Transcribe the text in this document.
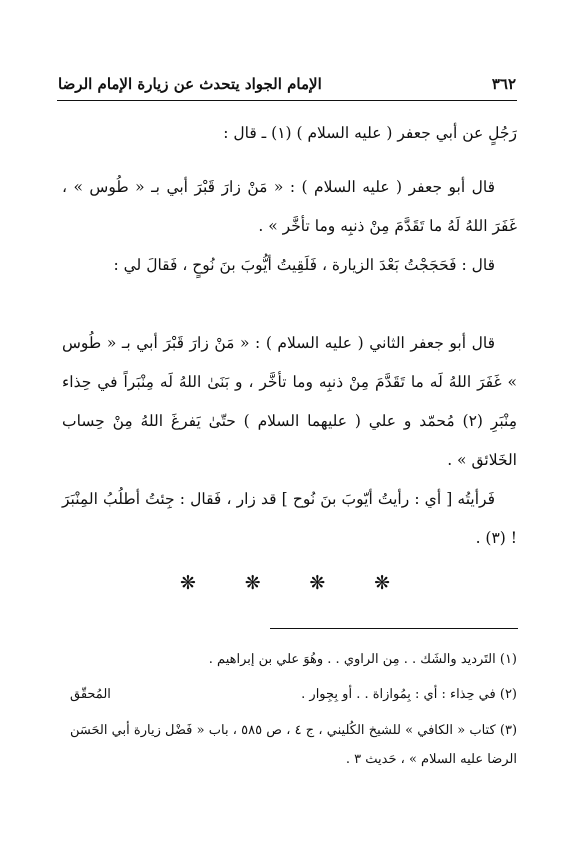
الإمام الجواد يتحدث عن زيارة الإمام الرضا	٣٦٢
رَجُلٍ عن أبي جعفر ( عليه السلام ) (١) ـ قال :
قال أبو جعفر ( عليه السلام ) : « مَنْ زارَ قَبْرَ أبي بـ « طُوس » ، غَفَرَ اللهُ لَهُ ما تَقَدَّمَ مِنْ ذنبِه وما تأخَّر » .
قال : فَحَجَجْتُ بَعْدَ الزيارة ، فَلَقِيتُ أيُّوبَ بنَ نُوحٍ ، فَقالَ لي :
قال أبو جعفر الثاني ( عليه السلام ) : « مَنْ زارَ قَبْرَ أبي بـ « طُوس » غَفَرَ اللهُ لَه ما تَقَدَّمَ مِنْ ذنبِه وما تأخَّر ، و بَنَىٰ اللهُ لَه مِنْبَراً في حِذاء مِنْبَرِ (٢) مُحمّد و علي ( عليهما السلام ) حتّىٰ يَفرغَ اللهُ مِنْ حِساب الخَلائق » .
فَرأيتُه [ أي : رأيتُ أيّوبَ بنَ نُوح ] قد زار ، فَقال : جِئتُ أطلُبُ المِنْبَرَ ! (٣) .
❋	❋	❋	❋
(١) التَرديد والشَك . . مِن الراوي . . وهُوَ علي بن إبراهيم .
(٢) في حِذاء : أي : بِمُوازاة . . أو بِجِوار .
المُحقّق
(٣) كتاب « الكافي » للشيخ الكُليني ، ج ٤ ، ص ٥٨٥ ، باب « فَضْل زيارة أبي الحَسَن الرضا عليه السلام » ، حَديث ٣ .
